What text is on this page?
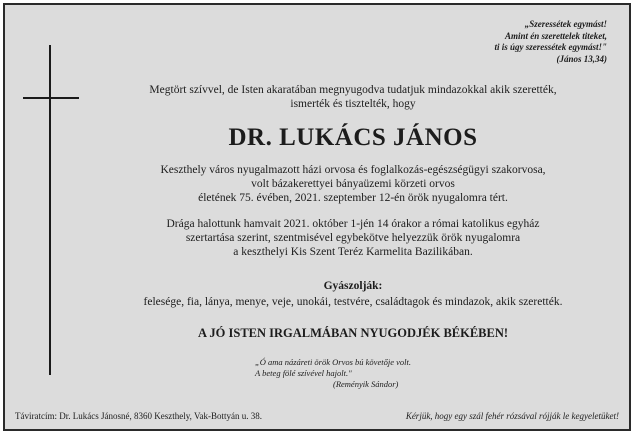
„Szeressétek egymást!
Amint én szerettelek titeket,
ti is úgy szeressétek egymást!"
(János 13,34)
Megtört szívvel, de Isten akaratában megnyugodva tudatjuk mindazokkal akik szerették,
ismerték és tisztelték, hogy
DR. LUKÁCS JÁNOS
Keszthely város nyugalmazott házi orvosa és foglalkozás-egészségügyi szakorvosa,
volt bázakerettyei bányaüzemi körzeti orvos
életének 75. évében, 2021. szeptember 12-én örök nyugalomra tért.
Drága halottunk hamvait 2021. október 1-jén 14 órakor a római katolikus egyház
szertartása szerint, szentmisével egybekötve helyezzük örök nyugalomra
a keszthelyi Kis Szent Teréz Karmelita Bazilikában.
Gyászolják:
felesége, fia, lánya, menye, veje, unokái, testvére, családtagok és mindazok, akik szerették.
A JÓ ISTEN IRGALMÁBAN NYUGODJÉK BÉKÉBEN!
„Ó ama názáreti örök Orvos bú követője volt.
A beteg fölé szívével hajolt."
(Reményik Sándor)
Táviratcím: Dr. Lukács Jánosné, 8360 Keszthely, Vak-Bottyán u. 38.	Kérjük, hogy egy szál fehér rózsával rójják le kegyeletüket!
